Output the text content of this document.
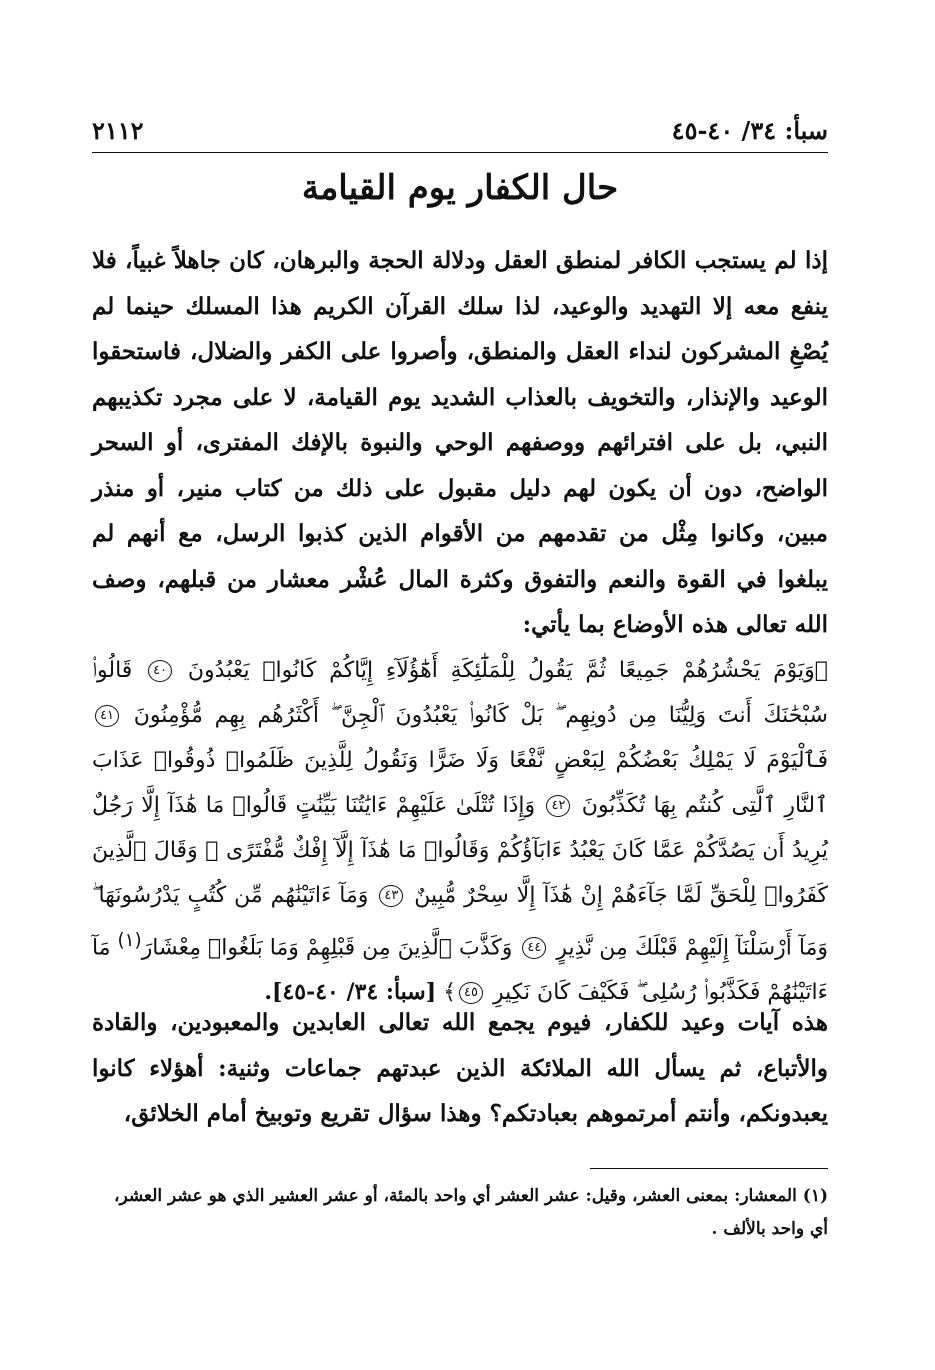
سبأ: ٣٤/ ٤٠-٤٥
٢١١٢
حال الكفار يوم القيامة

إذا لم يستجب الكافر لمنطق العقل ودلالة الحجة والبرهان، كان جاهلاً غبياً، فلا ينفع معه إلا التهديد والوعيد، لذا سلك القرآن الكريم هذا المسلك حينما لم يُصْغِ المشركون لنداء العقل والمنطق، وأصروا على الكفر والضلال، فاستحقوا الوعيد والإنذار، والتخويف بالعذاب الشديد يوم القيامة، لا على مجرد تكذيبهم النبي، بل على افترائهم ووصفهم الوحي والنبوة بالإفك المفترى، أو السحر الواضح، دون أن يكون لهم دليل مقبول على ذلك من كتاب منير، أو منذر مبين، وكانوا مِثْل من تقدمهم من الأقوام الذين كذبوا الرسل، مع أنهم لم يبلغوا في القوة والنعم والتفوق وكثرة المال عُشْر معشار من قبلهم، وصف الله تعالى هذه الأوضاع بما يأتي:

﴿وَيَوْمَ يَحْشُرُهُمْ جَمِيعًا ثُمَّ يَقُولُ لِلْمَلَٰٓئِكَةِ أَهَٰٓؤُلَآءِ إِيَّاكُمْ كَانُوا۟ يَعْبُدُونَ ٤٠ قَالُوا۟ سُبْحَٰنَكَ أَنتَ وَلِيُّنَا مِن دُونِهِم ۖ بَلْ كَانُوا۟ يَعْبُدُونَ ٱلْجِنَّ ۖ أَكْثَرُهُم بِهِم مُّؤْمِنُونَ ٤١ فَٱلْيَوْمَ لَا يَمْلِكُ بَعْضُكُمْ لِبَعْضٍ نَّفْعًا وَلَا ضَرًّا وَنَقُولُ لِلَّذِينَ ظَلَمُوا۟ ذُوقُوا۟ عَذَابَ ٱلنَّارِ ٱلَّتِى كُنتُم بِهَا تُكَذِّبُونَ ٤٢ وَإِذَا تُتْلَىٰ عَلَيْهِمْ ءَايَٰتُنَا بَيِّنَٰتٍ قَالُوا۟ مَا هَٰذَآ إِلَّا رَجُلٌ يُرِيدُ أَن يَصُدَّكُمْ عَمَّا كَانَ يَعْبُدُ ءَابَآؤُكُمْ وَقَالُوا۟ مَا هَٰذَآ إِلَّآ إِفْكٌ مُّفْتَرًى ۚ وَقَالَ ٱلَّذِينَ كَفَرُوا۟ لِلْحَقِّ لَمَّا جَآءَهُمْ إِنْ هَٰذَآ إِلَّا سِحْرٌ مُّبِينٌ ٤٣ وَمَآ ءَاتَيْنَٰهُم مِّن كُتُبٍ يَدْرُسُونَهَا ۖ وَمَآ أَرْسَلْنَآ إِلَيْهِمْ قَبْلَكَ مِن نَّذِيرٍ ٤٤ وَكَذَّبَ ٱلَّذِينَ مِن قَبْلِهِمْ وَمَا بَلَغُوا۟ مِعْشَارَ$^{(١)}$ مَآ ءَاتَيْنَٰهُمْ فَكَذَّبُوا۟ رُسُلِى ۖ فَكَيْفَ كَانَ نَكِيرِ ٤٥﴾ [سبأ: ٣٤/ ٤٠-٤٥].

هذه آيات وعيد للكفار، فيوم يجمع الله تعالى العابدين والمعبودين، والقادة والأتباع، ثم يسأل الله الملائكة الذين عبدتهم جماعات وثنية: أهؤلاء كانوا يعبدونكم، وأنتم أمرتموهم بعبادتكم؟ وهذا سؤال تقريع وتوبيخ أمام الخلائق،

(١) المعشار: بمعنى العشر، وقيل: عشر العشر أي واحد بالمئة، أو عشر العشير الذي هو عشر العشر، أي واحد بالألف .
